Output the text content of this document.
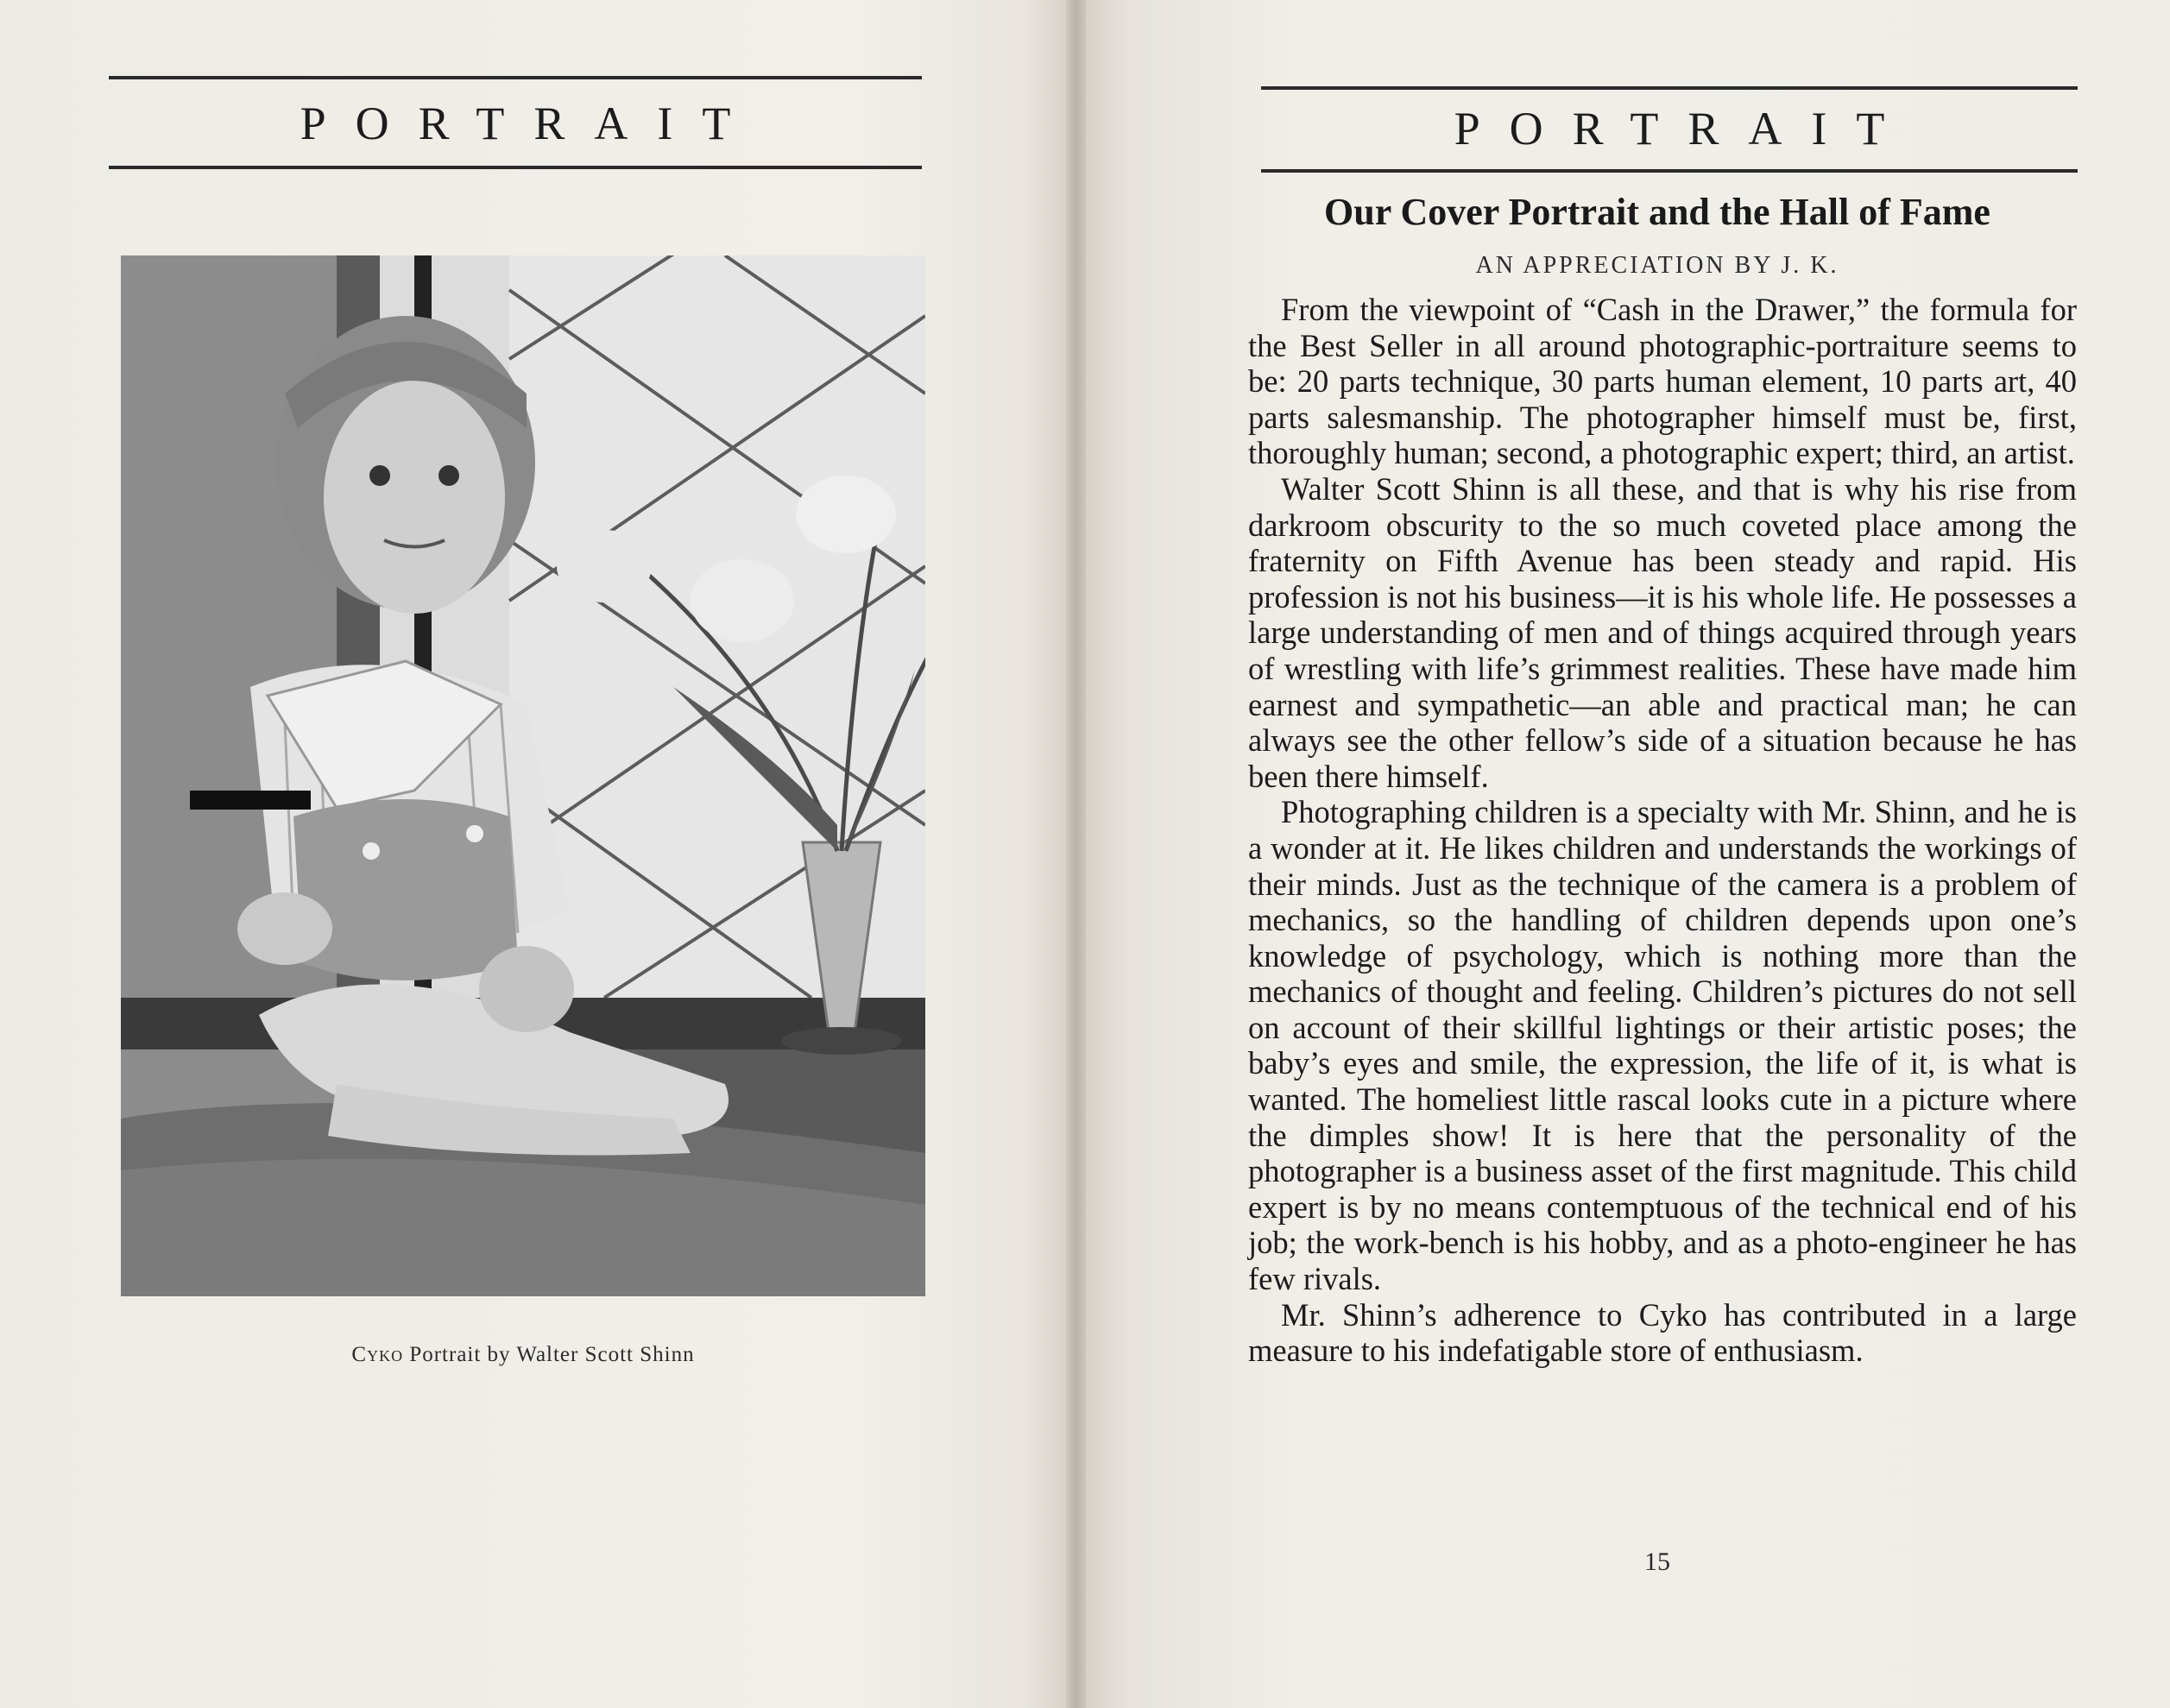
PORTRAIT
Cyko Portrait by Walter Scott Shinn
PORTRAIT
Our Cover Portrait and the Hall of Fame
AN APPRECIATION BY J. K.

From the viewpoint of “Cash in the Drawer,” the formula for the Best Seller in all around photographic-portraiture seems to be: 20 parts technique, 30 parts human element, 10 parts art, 40 parts salesmanship. The photographer himself must be, first, thoroughly human; second, a photographic expert; third, an artist.

Walter Scott Shinn is all these, and that is why his rise from darkroom obscurity to the so much coveted place among the fraternity on Fifth Avenue has been steady and rapid. His profession is not his business—it is his whole life. He possesses a large understanding of men and of things acquired through years of wrestling with life’s grimmest realities. These have made him earnest and sympathetic—an able and practical man; he can always see the other fellow’s side of a situation because he has been there himself.

Photographing children is a specialty with Mr. Shinn, and he is a wonder at it. He likes children and understands the workings of their minds. Just as the technique of the camera is a problem of mechanics, so the handling of children depends upon one’s knowledge of psychology, which is nothing more than the mechanics of thought and feeling. Children’s pictures do not sell on account of their skillful lightings or their artistic poses; the baby’s eyes and smile, the expression, the life of it, is what is wanted. The homeliest little rascal looks cute in a picture where the dimples show! It is here that the personality of the photographer is a business asset of the first magnitude. This child expert is by no means contemptuous of the technical end of his job; the work-bench is his hobby, and as a photo-engineer he has few rivals.

Mr. Shinn’s adherence to Cyko has contributed in a large measure to his indefatigable store of enthusiasm.

15
